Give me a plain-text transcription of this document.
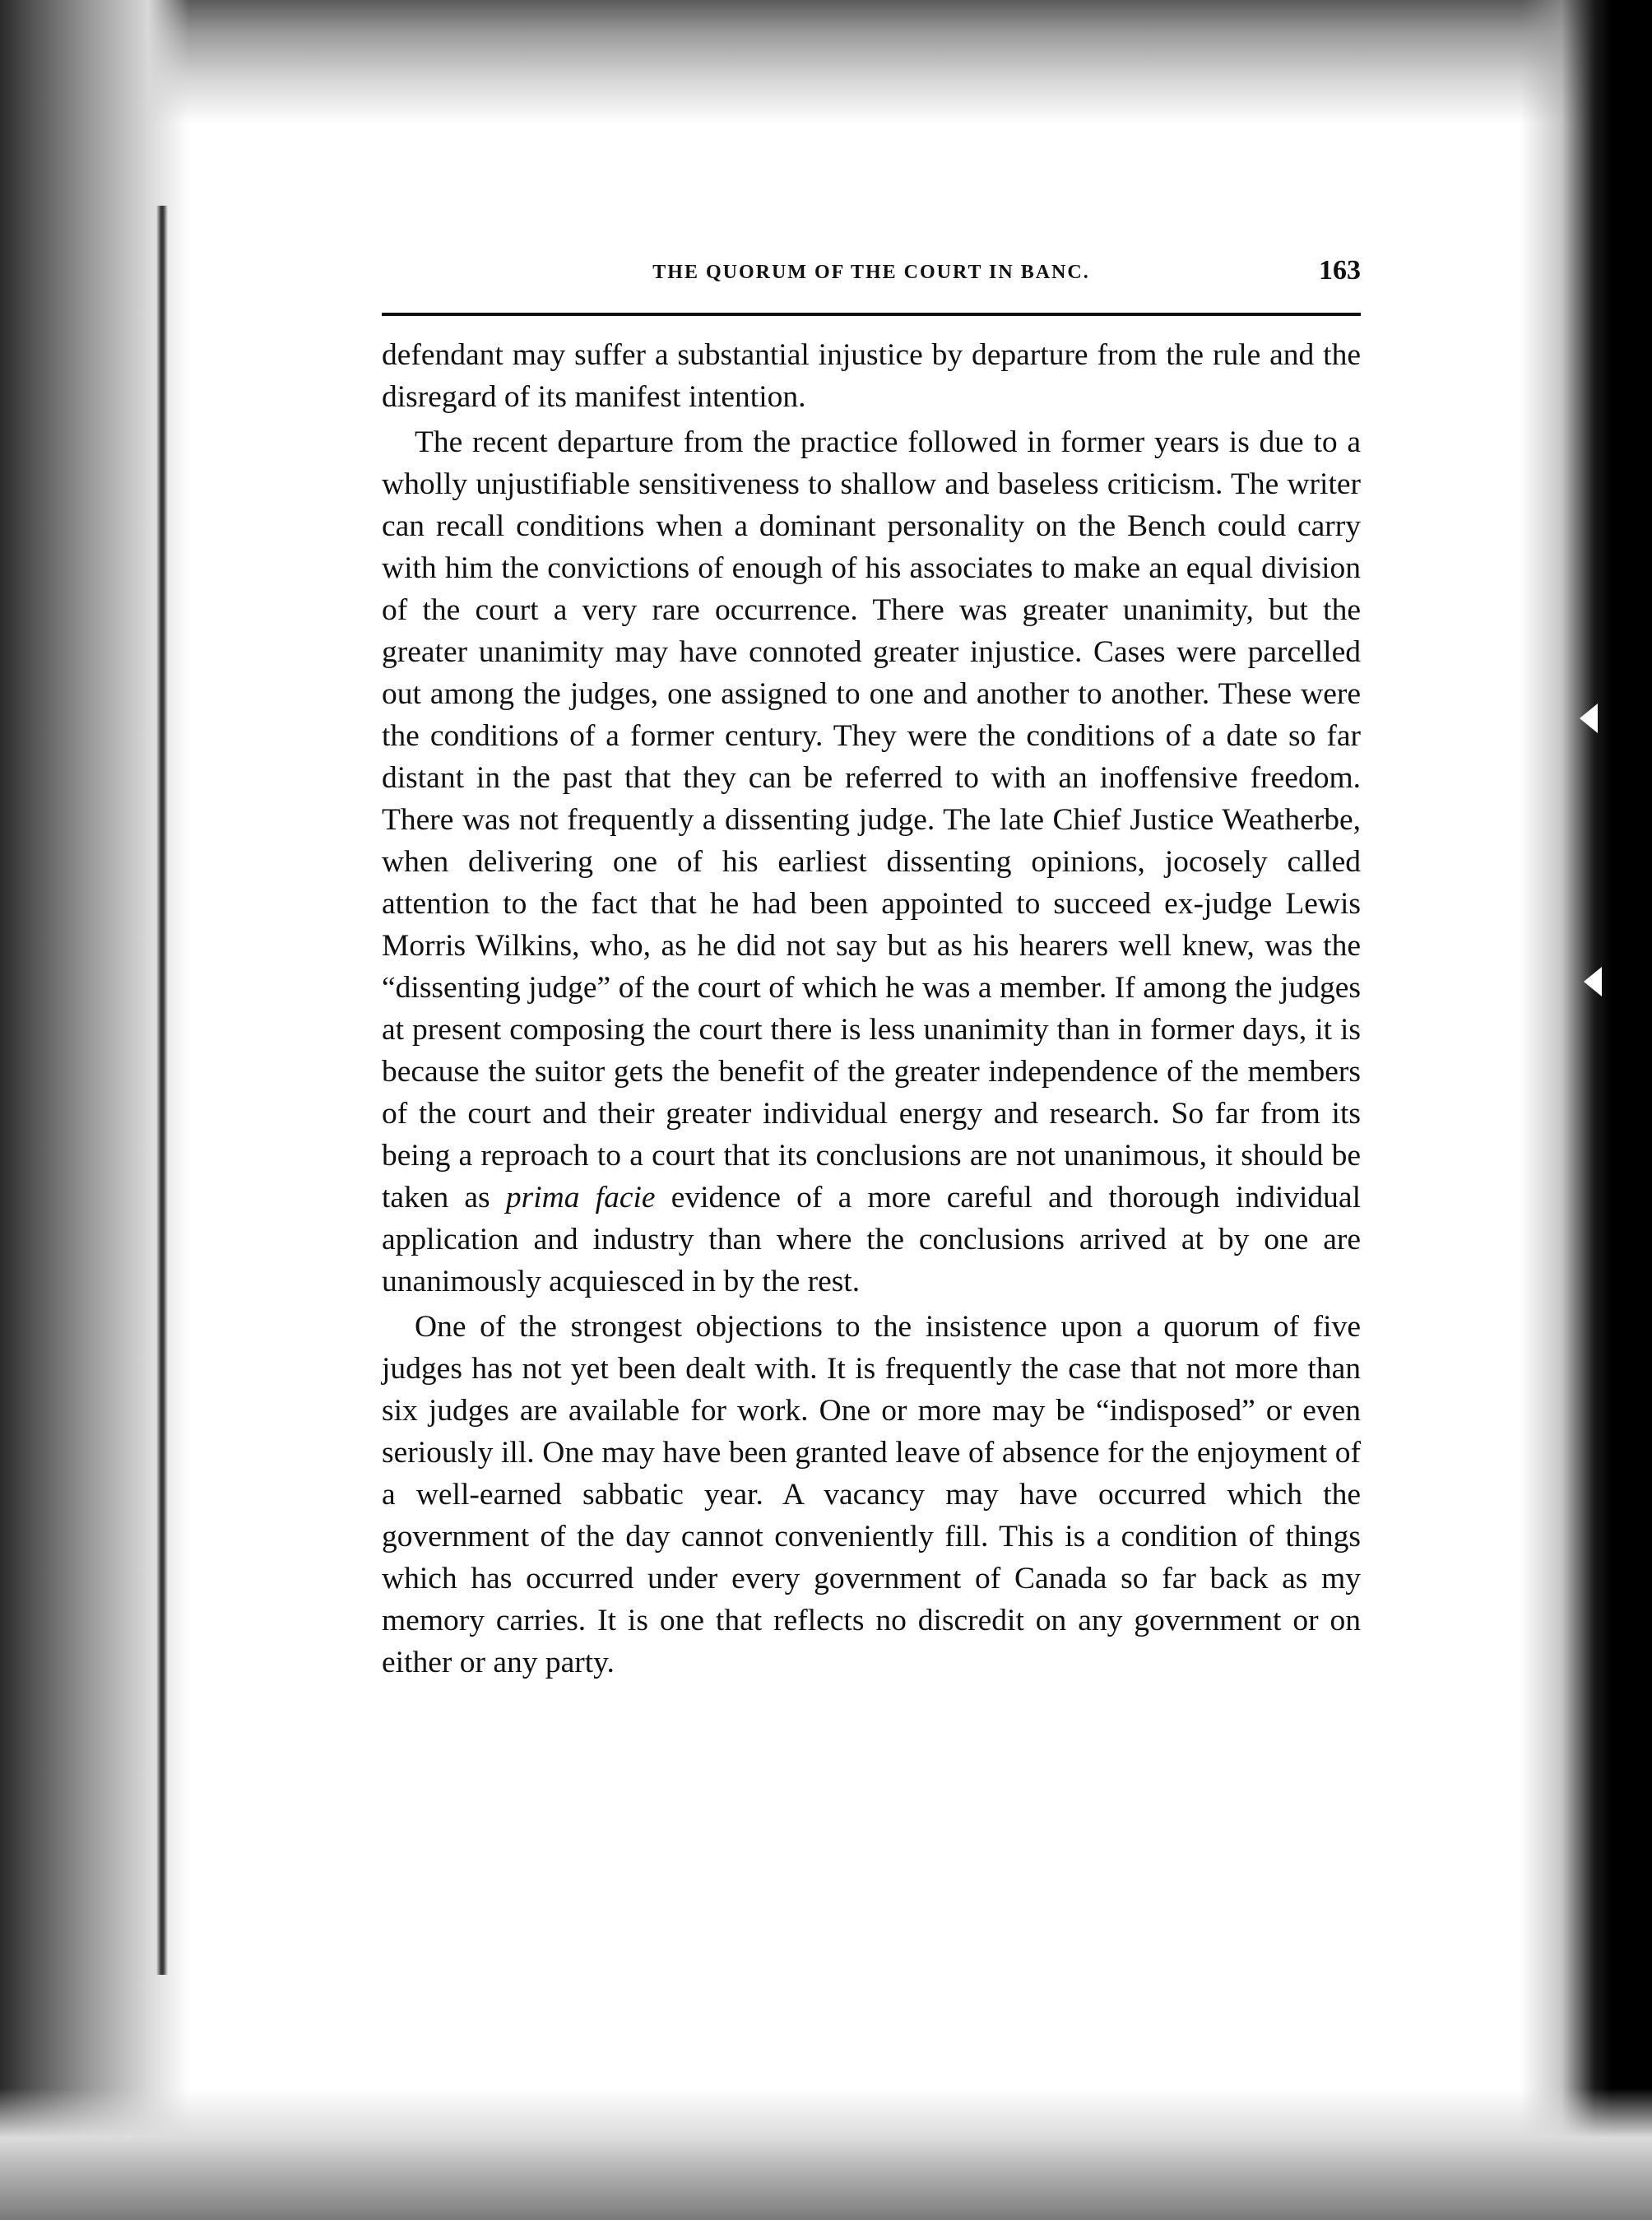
THE QUORUM OF THE COURT IN BANC.	163

defendant may suffer a substantial injustice by departure from the rule and the disregard of its manifest intention.

The recent departure from the practice followed in former years is due to a wholly unjustifiable sensitiveness to shallow and baseless criticism. The writer can recall conditions when a dominant personality on the Bench could carry with him the convictions of enough of his associates to make an equal division of the court a very rare occurrence. There was greater unanimity, but the greater unanimity may have connoted greater injustice. Cases were parcelled out among the judges, one assigned to one and another to another. These were the conditions of a former century. They were the conditions of a date so far distant in the past that they can be referred to with an inoffensive freedom. There was not frequently a dissenting judge. The late Chief Justice Weatherbe, when delivering one of his earliest dissenting opinions, jocosely called attention to the fact that he had been appointed to succeed ex-judge Lewis Morris Wilkins, who, as he did not say but as his hearers well knew, was the “dissenting judge” of the court of which he was a member. If among the judges at present composing the court there is less unanimity than in former days, it is because the suitor gets the benefit of the greater independence of the members of the court and their greater individual energy and research. So far from its being a reproach to a court that its conclusions are not unanimous, it should be taken as prima facie evidence of a more careful and thorough individual application and industry than where the conclusions arrived at by one are unanimously acquiesced in by the rest.

One of the strongest objections to the insistence upon a quorum of five judges has not yet been dealt with. It is frequently the case that not more than six judges are available for work. One or more may be “indisposed” or even seriously ill. One may have been granted leave of absence for the enjoyment of a well-earned sabbatic year. A vacancy may have occurred which the government of the day cannot conveniently fill. This is a condition of things which has occurred under every government of Canada so far back as my memory carries. It is one that reflects no discredit on any government or on either or any party.
